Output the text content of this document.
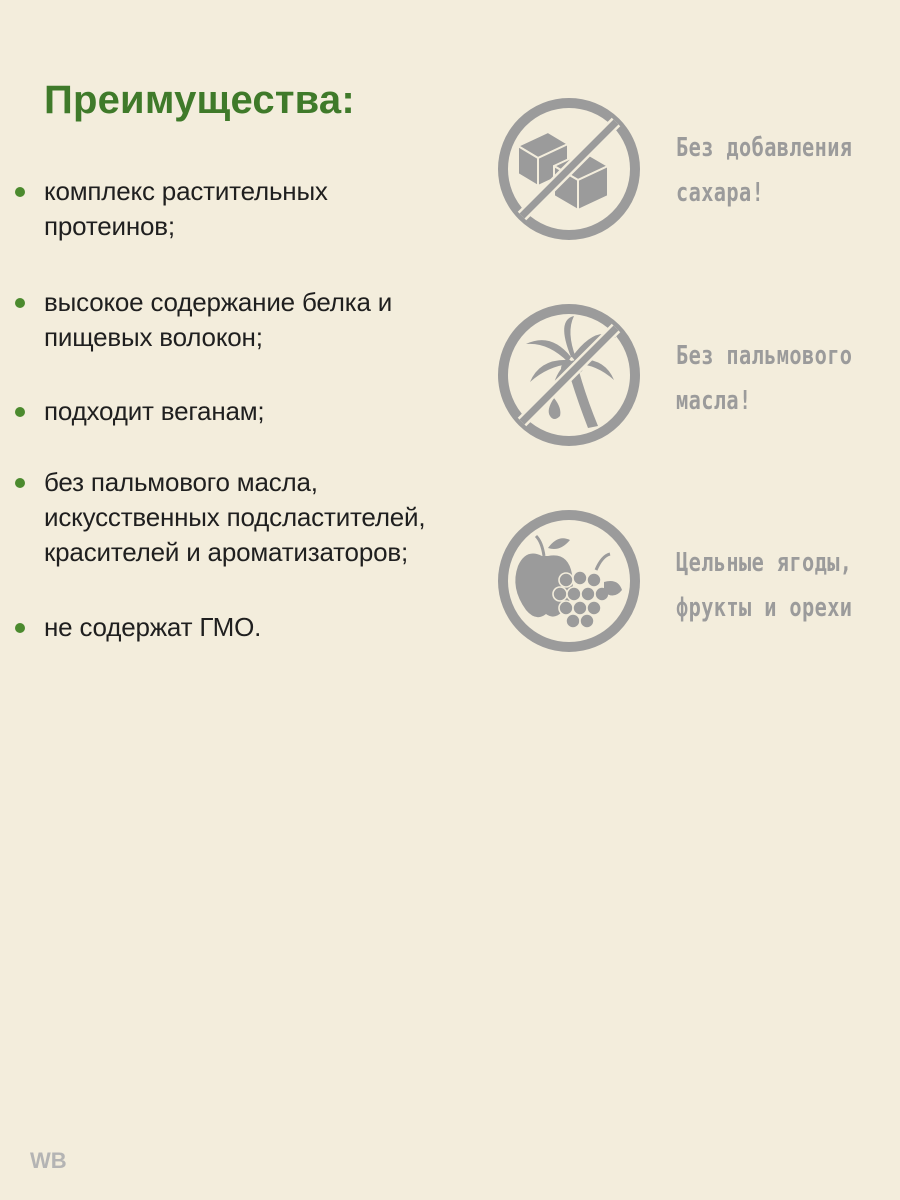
Преимущества:
комплекс растительных
протеинов;
высокое содержание белка и
пищевых волокон;
подходит веганам;
без пальмового масла,
искусственных подсластителей,
красителей и ароматизаторов;
не содержат ГМО.
Без добавления
сахара!
Без пальмового
масла!
Цельные ягоды,
фрукты и орехи
WB
